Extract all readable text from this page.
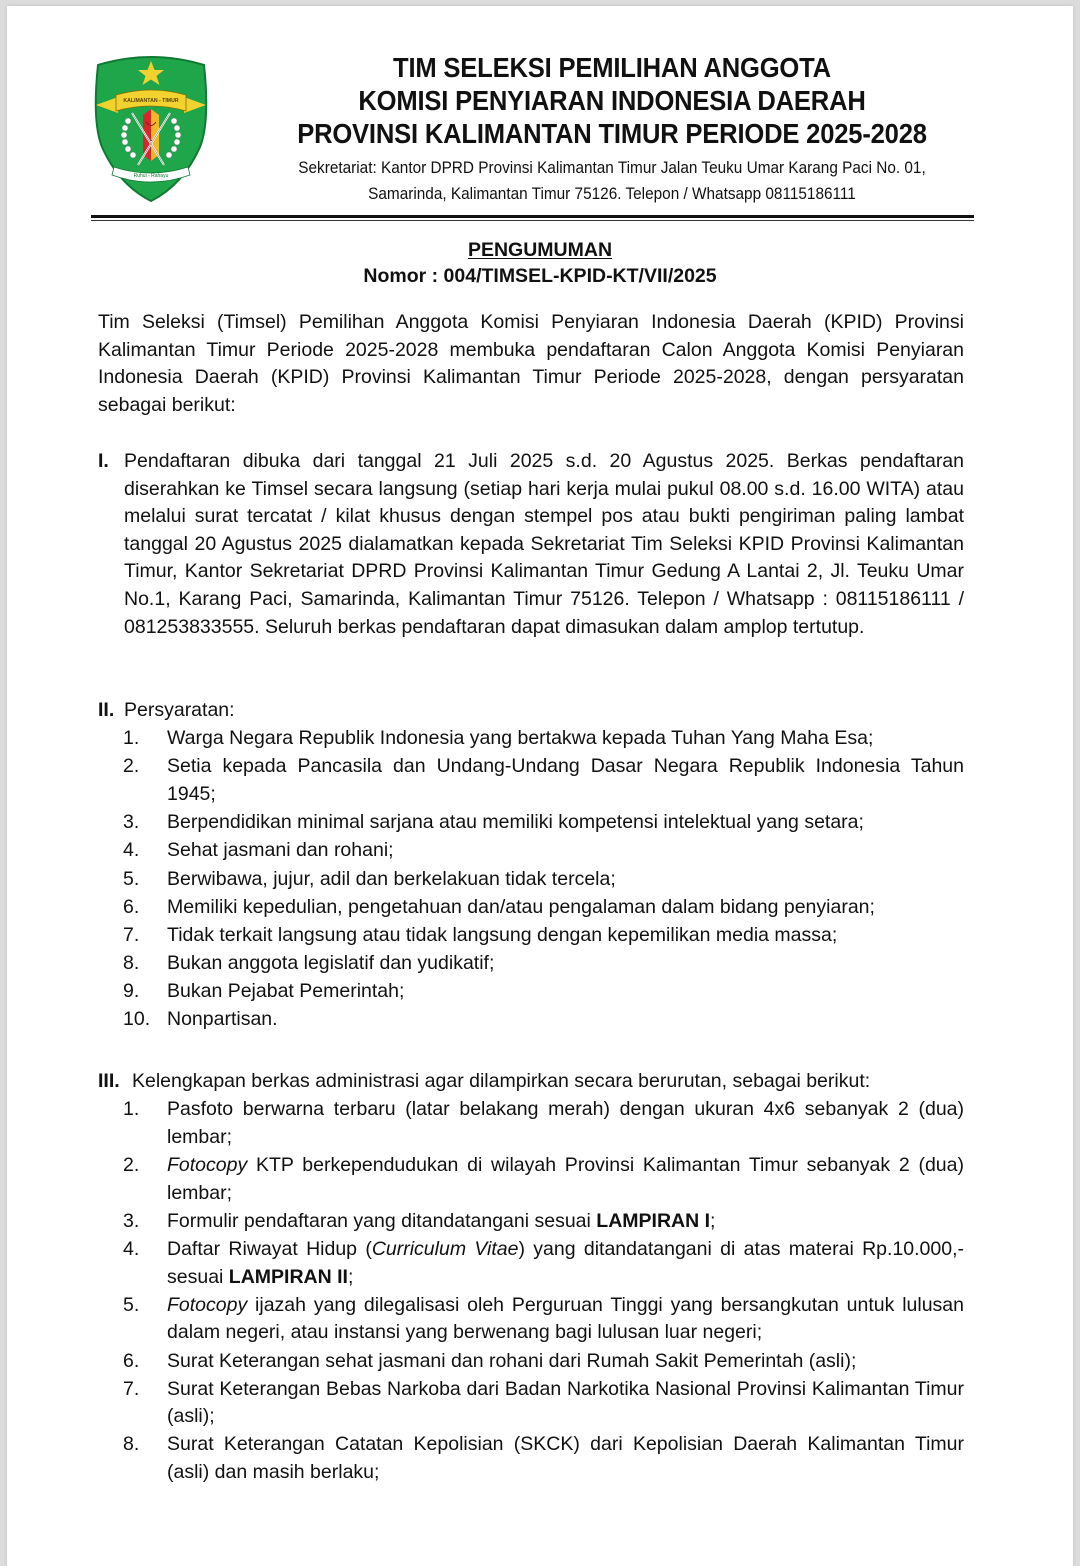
KALIMANTAN - TIMUR
Ruhui - Rahayu
TIM SELEKSI PEMILIHAN ANGGOTA
KOMISI PENYIARAN INDONESIA DAERAH
PROVINSI KALIMANTAN TIMUR PERIODE 2025-2028
Sekretariat: Kantor DPRD Provinsi Kalimantan Timur Jalan Teuku Umar Karang Paci No. 01,
Samarinda, Kalimantan Timur 75126. Telepon / Whatsapp 08115186111
PENGUMUMAN
Nomor : 004/TIMSEL-KPID-KT/VII/2025
Tim Seleksi (Timsel) Pemilihan Anggota Komisi Penyiaran Indonesia Daerah (KPID) Provinsi Kalimantan Timur Periode 2025-2028 membuka pendaftaran Calon Anggota Komisi Penyiaran Indonesia Daerah (KPID) Provinsi Kalimantan Timur Periode 2025-2028, dengan persyaratan sebagai berikut:
I. Pendaftaran dibuka dari tanggal 21 Juli 2025 s.d. 20 Agustus 2025. Berkas pendaftaran diserahkan ke Timsel secara langsung (setiap hari kerja mulai pukul 08.00 s.d. 16.00 WITA) atau melalui surat tercatat / kilat khusus dengan stempel pos atau bukti pengiriman paling lambat tanggal 20 Agustus 2025 dialamatkan kepada Sekretariat Tim Seleksi KPID Provinsi Kalimantan Timur, Kantor Sekretariat DPRD Provinsi Kalimantan Timur Gedung A Lantai 2, Jl. Teuku Umar No.1, Karang Paci, Samarinda, Kalimantan Timur 75126. Telepon / Whatsapp : 08115186111 / 081253833555. Seluruh berkas pendaftaran dapat dimasukan dalam amplop tertutup.
II. Persyaratan:
1.	Warga Negara Republik Indonesia yang bertakwa kepada Tuhan Yang Maha Esa;
2.	Setia kepada Pancasila dan Undang-Undang Dasar Negara Republik Indonesia Tahun 1945;
3.	Berpendidikan minimal sarjana atau memiliki kompetensi intelektual yang setara;
4.	Sehat jasmani dan rohani;
5.	Berwibawa, jujur, adil dan berkelakuan tidak tercela;
6.	Memiliki kepedulian, pengetahuan dan/atau pengalaman dalam bidang penyiaran;
7.	Tidak terkait langsung atau tidak langsung dengan kepemilikan media massa;
8.	Bukan anggota legislatif dan yudikatif;
9.	Bukan Pejabat Pemerintah;
10. Nonpartisan.
III. Kelengkapan berkas administrasi agar dilampirkan secara berurutan, sebagai berikut:
1.	Pasfoto berwarna terbaru (latar belakang merah) dengan ukuran 4x6 sebanyak 2 (dua) lembar;
2.	Fotocopy KTP berkependudukan di wilayah Provinsi Kalimantan Timur sebanyak 2 (dua) lembar;
3.	Formulir pendaftaran yang ditandatangani sesuai LAMPIRAN I;
4.	Daftar Riwayat Hidup (Curriculum Vitae) yang ditandatangani di atas materai Rp.10.000,- sesuai LAMPIRAN II;
5.	Fotocopy ijazah yang dilegalisasi oleh Perguruan Tinggi yang bersangkutan untuk lulusan dalam negeri, atau instansi yang berwenang bagi lulusan luar negeri;
6.	Surat Keterangan sehat jasmani dan rohani dari Rumah Sakit Pemerintah (asli);
7.	Surat Keterangan Bebas Narkoba dari Badan Narkotika Nasional Provinsi Kalimantan Timur (asli);
8.	Surat Keterangan Catatan Kepolisian (SKCK) dari Kepolisian Daerah Kalimantan Timur (asli) dan masih berlaku;
